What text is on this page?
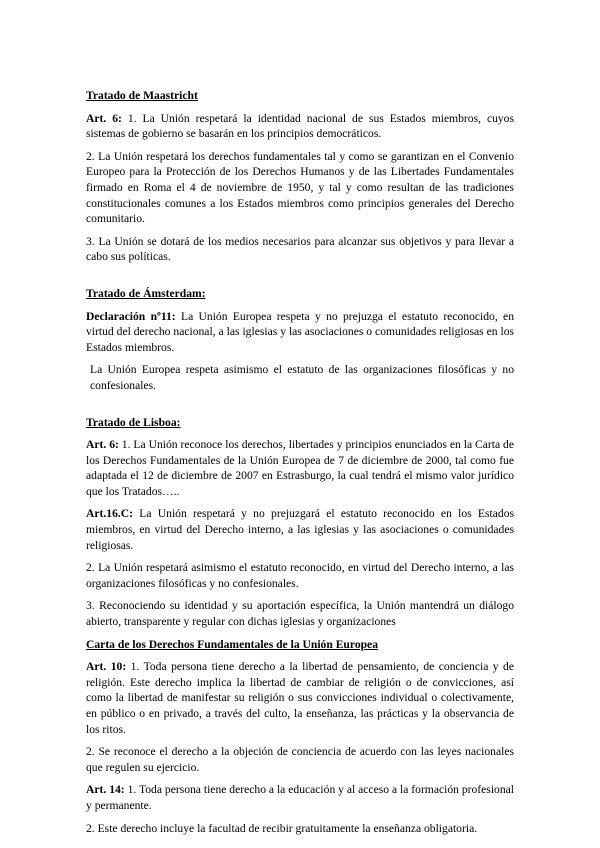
Tratado de Maastricht

Art. 6: 1. La Unión respetará la identidad nacional de sus Estados miembros, cuyos sistemas de gobierno se basarán en los principios democráticos.

2. La Unión respetará los derechos fundamentales tal y como se garantizan en el Convenio Europeo para la Protección de los Derechos Humanos y de las Libertades Fundamentales firmado en Roma el 4 de noviembre de 1950, y tal y como resultan de las tradiciones constitucionales comunes a los Estados miembros como principios generales del Derecho comunitario.

3. La Unión se dotará de los medios necesarios para alcanzar sus objetivos y para llevar a cabo sus políticas.

Tratado de Ámsterdam:

Declaración nº11: La Unión Europea respeta y no prejuzga el estatuto reconocido, en virtud del derecho nacional, a las iglesias y las asociaciones o comunidades religiosas en los Estados miembros.

La Unión Europea respeta asimismo el estatuto de las organizaciones filosóficas y no confesionales.

Tratado de Lisboa:

Art. 6: 1. La Unión reconoce los derechos, libertades y principios enunciados en la Carta de los Derechos Fundamentales de la Unión Europea de 7 de diciembre de 2000, tal como fue adaptada el 12 de diciembre de 2007 en Estrasburgo, la cual tendrá el mismo valor jurídico que los Tratados…..

Art.16.C: La Unión respetará y no prejuzgará el estatuto reconocido en los Estados miembros, en virtud del Derecho interno, a las iglesias y las asociaciones o comunidades religiosas.

2. La Unión respetará asimismo el estatuto reconocido, en virtud del Derecho interno, a las organizaciones filosóficas y no confesionales.

3. Reconociendo su identidad y su aportación específica, la Unión mantendrá un diálogo abierto, transparente y regular con dichas iglesias y organizaciones

Carta de los Derechos Fundamentales de la Unión Europea

Art. 10: 1. Toda persona tiene derecho a la libertad de pensamiento, de conciencia y de religión. Este derecho implica la libertad de cambiar de religión o de convicciones, así como la libertad de manifestar su religión o sus convicciones individual o colectivamente, en público o en privado, a través del culto, la enseñanza, las prácticas y la observancia de los ritos.

2. Se reconoce el derecho a la objeción de conciencia de acuerdo con las leyes nacionales que regulen su ejercicio.

Art. 14: 1. Toda persona tiene derecho a la educación y al acceso a la formación profesional y permanente.

2. Este derecho incluye la facultad de recibir gratuitamente la enseñanza obligatoria.
